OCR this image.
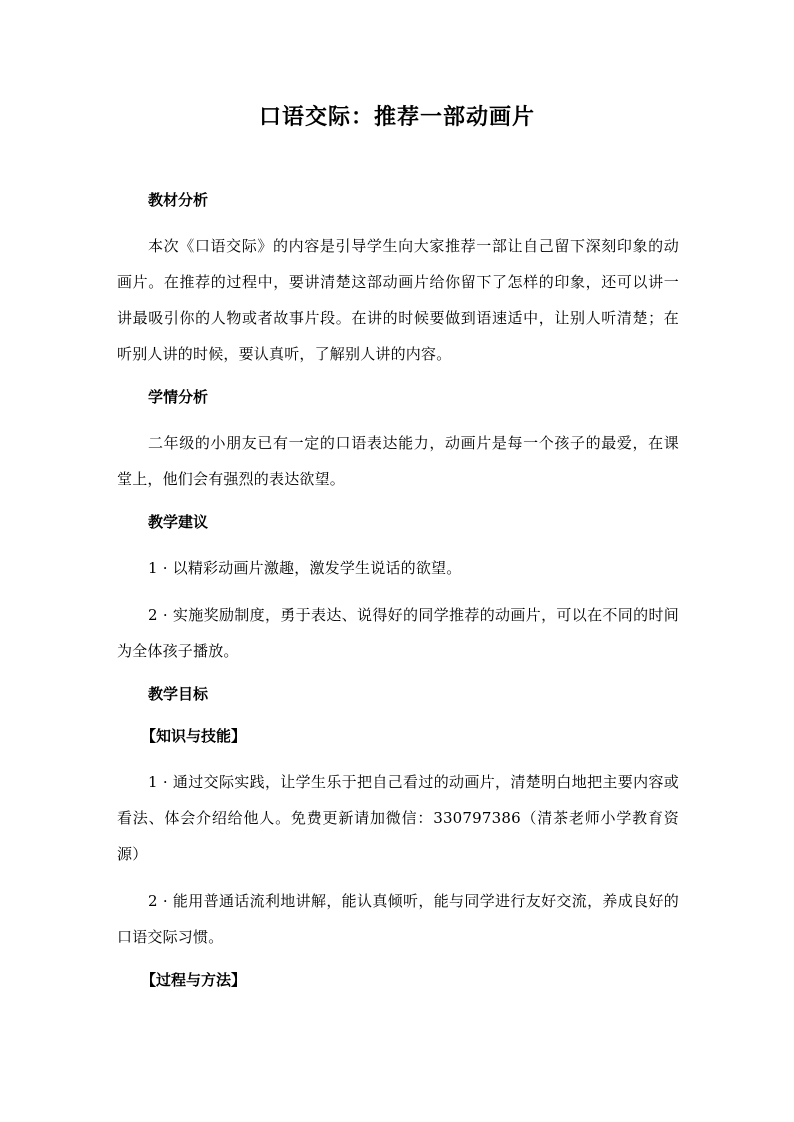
口语交际：推荐一部动画片
教材分析

本次《口语交际》的内容是引导学生向大家推荐一部让自己留下深刻印象的动画片。在推荐的过程中，要讲清楚这部动画片给你留下了怎样的印象，还可以讲一讲最吸引你的人物或者故事片段。在讲的时候要做到语速适中，让别人听清楚；在听别人讲的时候，要认真听，了解别人讲的内容。

学情分析

二年级的小朋友已有一定的口语表达能力，动画片是每一个孩子的最爱，在课堂上，他们会有强烈的表达欲望。

教学建议

1 · 以精彩动画片激趣，激发学生说话的欲望。

2 · 实施奖励制度，勇于表达、说得好的同学推荐的动画片，可以在不同的时间为全体孩子播放。

教学目标
【知识与技能】

1 · 通过交际实践，让学生乐于把自己看过的动画片，清楚明白地把主要内容或看法、体会介绍给他人。免费更新请加微信：330797386（清茶老师小学教育资源）

2 · 能用普通话流利地讲解，能认真倾听，能与同学进行友好交流，养成良好的口语交际习惯。

【过程与方法】
